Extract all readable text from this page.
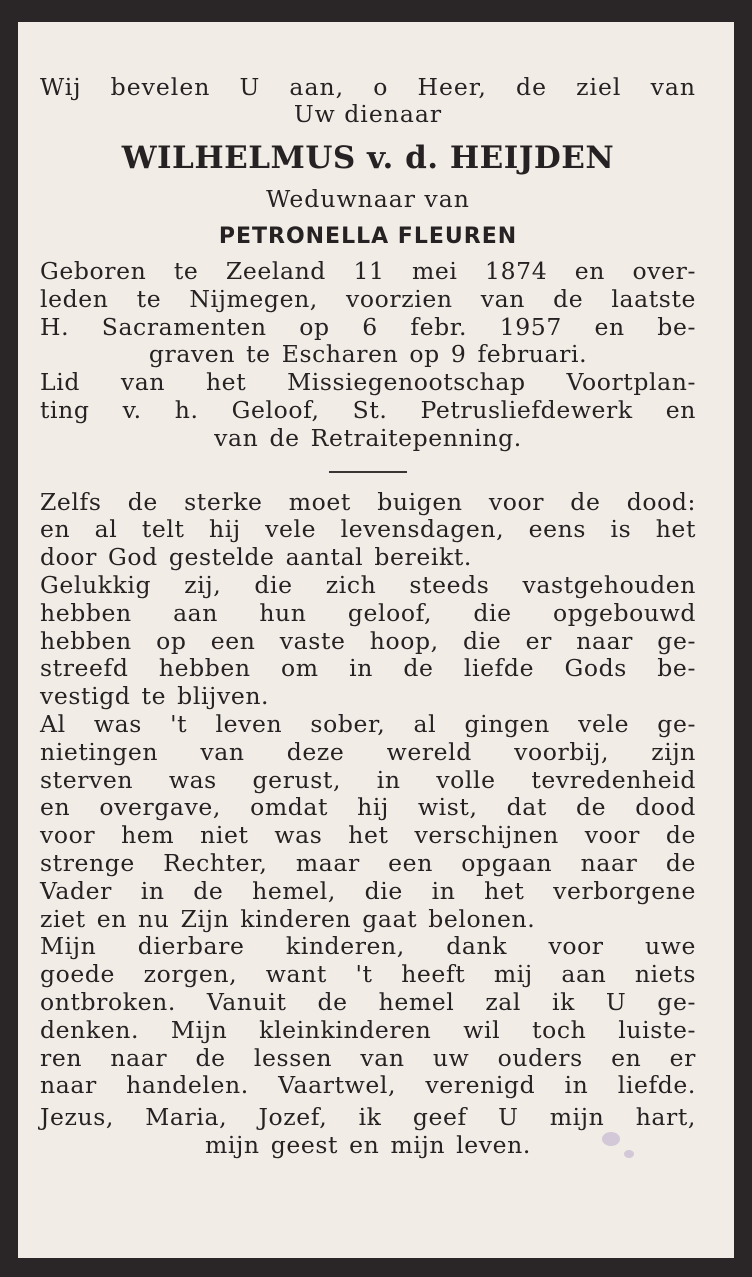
Wij bevelen U aan, o Heer, de ziel van
Uw dienaar
WILHELMUS v. d. HEIJDEN
Weduwnaar van
PETRONELLA FLEUREN
Geboren te Zeeland 11 mei 1874 en over-
leden te Nijmegen, voorzien van de laatste
H. Sacramenten op 6 febr. 1957 en be-
graven te Escharen op 9 februari.
Lid van het Missiegenootschap Voortplan-
ting v. h. Geloof, St. Petrusliefdewerk en
van de Retraitepenning.
Zelfs de sterke moet buigen voor de dood:
en al telt hij vele levensdagen, eens is het
door God gestelde aantal bereikt.
Gelukkig zij, die zich steeds vastgehouden
hebben aan hun geloof, die opgebouwd
hebben op een vaste hoop, die er naar ge-
streefd hebben om in de liefde Gods be-
vestigd te blijven.
Al was 't leven sober, al gingen vele ge-
nietingen van deze wereld voorbij, zijn
sterven was gerust, in volle tevredenheid
en overgave, omdat hij wist, dat de dood
voor hem niet was het verschijnen voor de
strenge Rechter, maar een opgaan naar de
Vader in de hemel, die in het verborgene
ziet en nu Zijn kinderen gaat belonen.
Mijn dierbare kinderen, dank voor uwe
goede zorgen, want 't heeft mij aan niets
ontbroken. Vanuit de hemel zal ik U ge-
denken. Mijn kleinkinderen wil toch luiste-
ren naar de lessen van uw ouders en er
naar handelen. Vaartwel, verenigd in liefde.
Jezus, Maria, Jozef, ik geef U mijn hart,
mijn geest en mijn leven.
